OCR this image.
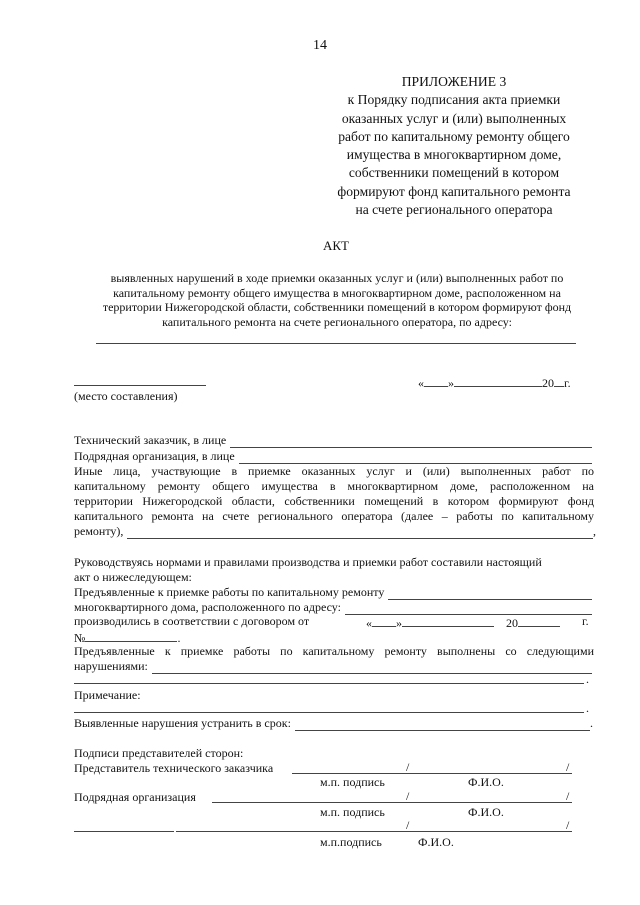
14
ПРИЛОЖЕНИЕ 3
к Порядку подписания акта приемки
оказанных услуг и (или) выполненных
работ по капитальному ремонту общего
имущества в многоквартирном доме,
собственники помещений в котором
формируют фонд капитального ремонта
на счете регионального оператора
АКТ
выявленных нарушений в ходе приемки оказанных услуг и (или) выполненных работ по
капитальному ремонту общего имущества в многоквартирном доме, расположенном на
территории Нижегородской области, собственники помещений в котором формируют фонд
капитального ремонта на счете регионального оператора, по адресу:
(место составления)
« »	20 г.
Технический заказчик, в лице
Подрядная организация, в лице
Иные лица, участвующие в приемке оказанных услуг и (или) выполненных работ по
капитальному ремонту общего имущества в многоквартирном доме, расположенном на
территории Нижегородской области, собственники помещений в котором формируют фонд
капитального ремонта на счете регионального оператора (далее – работы по капитальному
ремонту),	,
Руководствуясь нормами и правилами производства и приемки работ составили настоящий
акт о нижеследующем:
Предъявленные к приемке работы по капитальному ремонту
многоквартирного дома, расположенного по адресу:
производились в соответствии с договором от	« »	20	г.
№	.
Предъявленные к приемке работы по капитальному ремонту выполнены со следующими
нарушениями:
.
Примечание:
.
Выявленные нарушения устранить в срок:	.
Подписи представителей сторон:
Представитель технического заказчика	/	/
м.п. подпись	Ф.И.О.
Подрядная организация	/	/
м.п. подпись	Ф.И.О.
/	/
м.п.подпись	Ф.И.О.
